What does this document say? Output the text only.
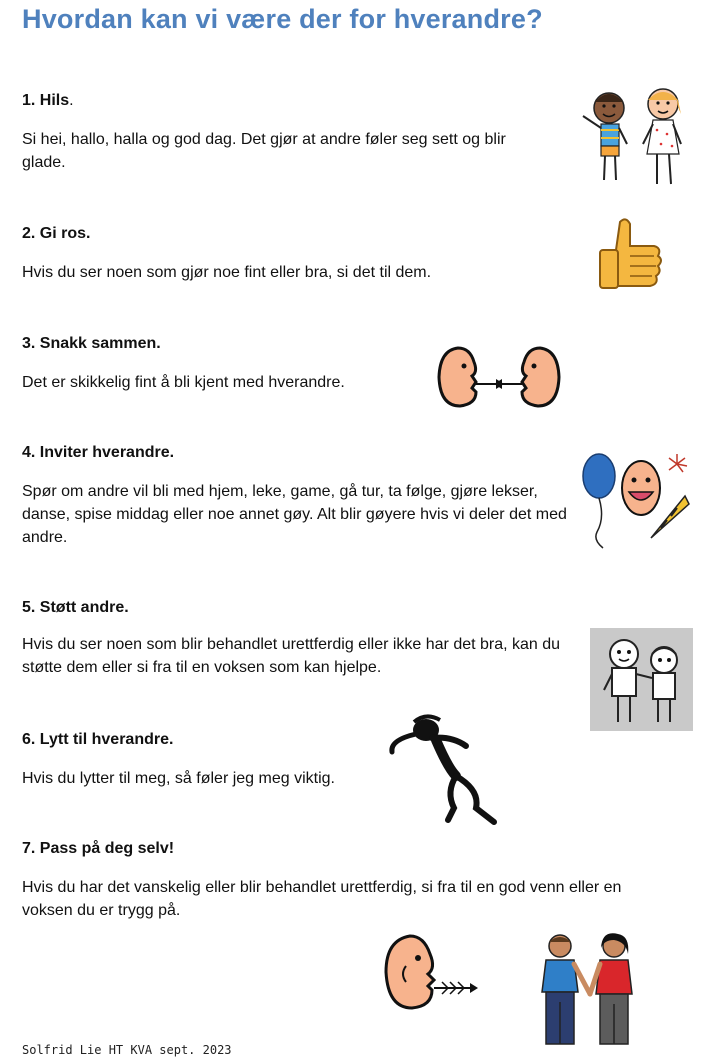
Hvordan kan vi være der for hverandre?

1. Hils.

Si hei, hallo, halla og god dag. Det gjør at andre føler seg sett og blir glade.

2. Gi ros.

Hvis du ser noen som gjør noe fint eller bra, si det til dem.

3. Snakk sammen.

Det er skikkelig fint å bli kjent med hverandre.

4. Inviter hverandre.

Spør om andre vil bli med hjem, leke, game, gå tur, ta følge, gjøre lekser, danse, spise middag eller noe annet gøy. Alt blir gøyere hvis vi deler det med andre.

5. Støtt andre.

Hvis du ser noen som blir behandlet urettferdig eller ikke har det bra, kan du støtte dem eller si fra til en voksen som kan hjelpe.

6. Lytt til hverandre.

Hvis du lytter til meg, så føler jeg meg viktig.

7. Pass på deg selv!

Hvis du har det vanskelig eller blir behandlet urettferdig, si fra til en god venn eller en voksen du er trygg på.

Solfrid Lie HT KVA sept. 2023
